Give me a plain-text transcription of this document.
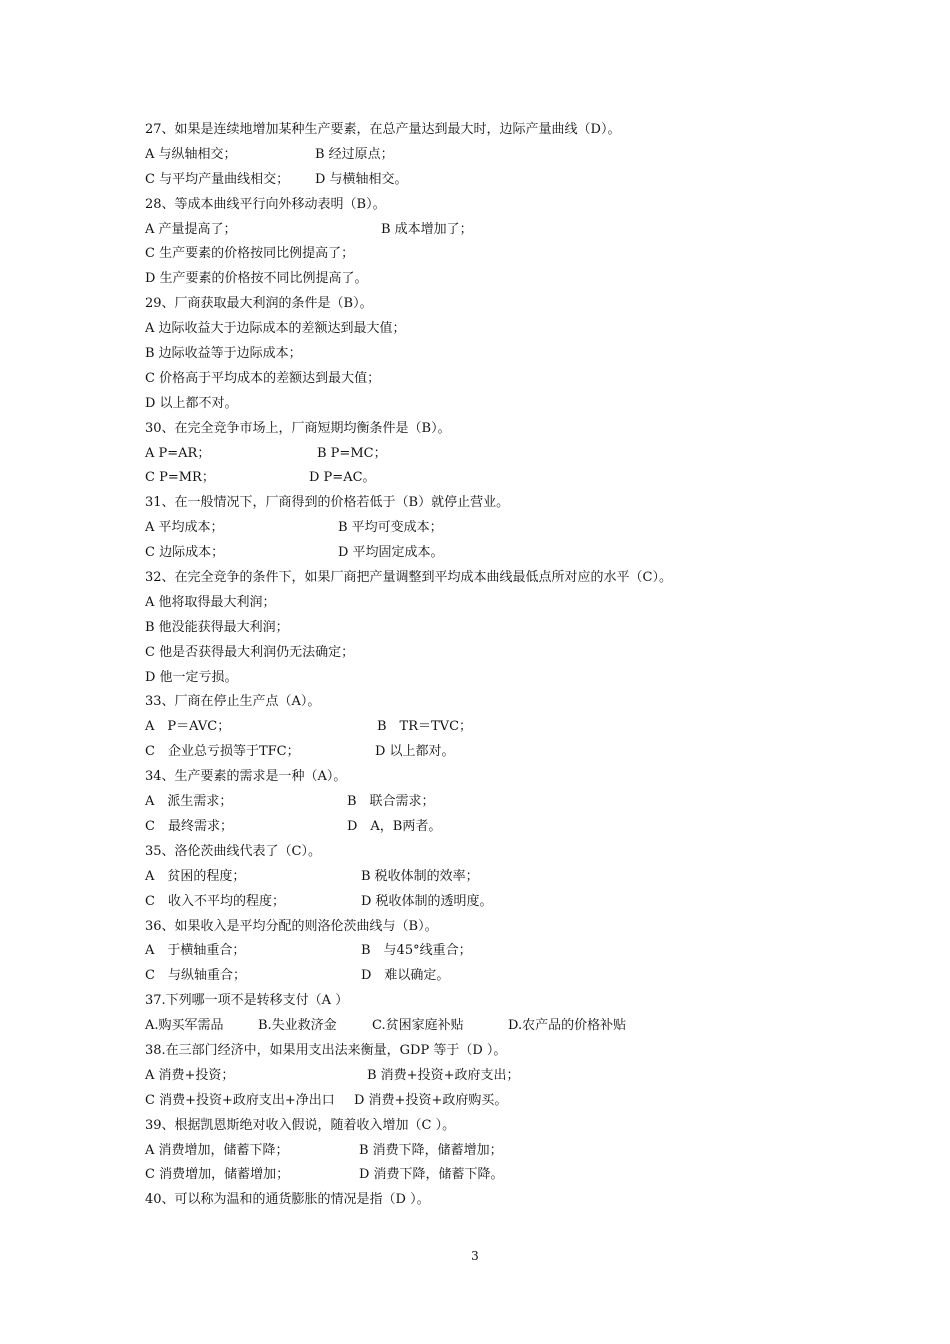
27、如果是连续地增加某种生产要素，在总产量达到最大时，边际产量曲线（D）。
A 与纵轴相交；	B 经过原点；
C 与平均产量曲线相交； D 与横轴相交。
28、等成本曲线平行向外移动表明（B）。
A 产量提高了；	B 成本增加了；
C 生产要素的价格按同比例提高了；
D 生产要素的价格按不同比例提高了。
29、厂商获取最大利润的条件是（B）。
A 边际收益大于边际成本的差额达到最大值；
B 边际收益等于边际成本；
C 价格高于平均成本的差额达到最大值；
D 以上都不对。
30、在完全竞争市场上，厂商短期均衡条件是（B）。
A P=AR；	B P=MC；
C P=MR；	D P=AC。
31、在一般情况下，厂商得到的价格若低于（B）就停止营业。
A 平均成本；	B 平均可变成本；
C 边际成本；	D 平均固定成本。
32、在完全竞争的条件下，如果厂商把产量调整到平均成本曲线最低点所对应的水平（C）。
A 他将取得最大利润；
B 他没能获得最大利润；
C 他是否获得最大利润仍无法确定；
D 他一定亏损。
33、厂商在停止生产点（A）。
A　P＝AVC；	B　TR＝TVC；
C　企业总亏损等于TFC；	D 以上都对。
34、生产要素的需求是一种（A）。
A　派生需求；	B　联合需求；
C　最终需求；	D　A，B两者。
35、洛伦茨曲线代表了（C）。
A　贫困的程度；	B 税收体制的效率；
C　收入不平均的程度；	D 税收体制的透明度。
36、如果收入是平均分配的则洛伦茨曲线与（B）。
A　于横轴重合；	B　与45°线重合；
C　与纵轴重合；	D　难以确定。
37.下列哪一项不是转移支付（A ）
A.购买军需品	B.失业救济金	C.贫困家庭补贴	D.农产品的价格补贴
38.在三部门经济中，如果用支出法来衡量，GDP 等于（D ）。
A 消费+投资；	B 消费+投资+政府支出；
C 消费+投资+政府支出+净出口 D 消费+投资+政府购买。
39、根据凯恩斯绝对收入假说，随着收入增加（C ）。
A 消费增加，储蓄下降；	B 消费下降，储蓄增加；
C 消费增加，储蓄增加；	D 消费下降，储蓄下降。
40、可以称为温和的通货膨胀的情况是指（D ）。
3
